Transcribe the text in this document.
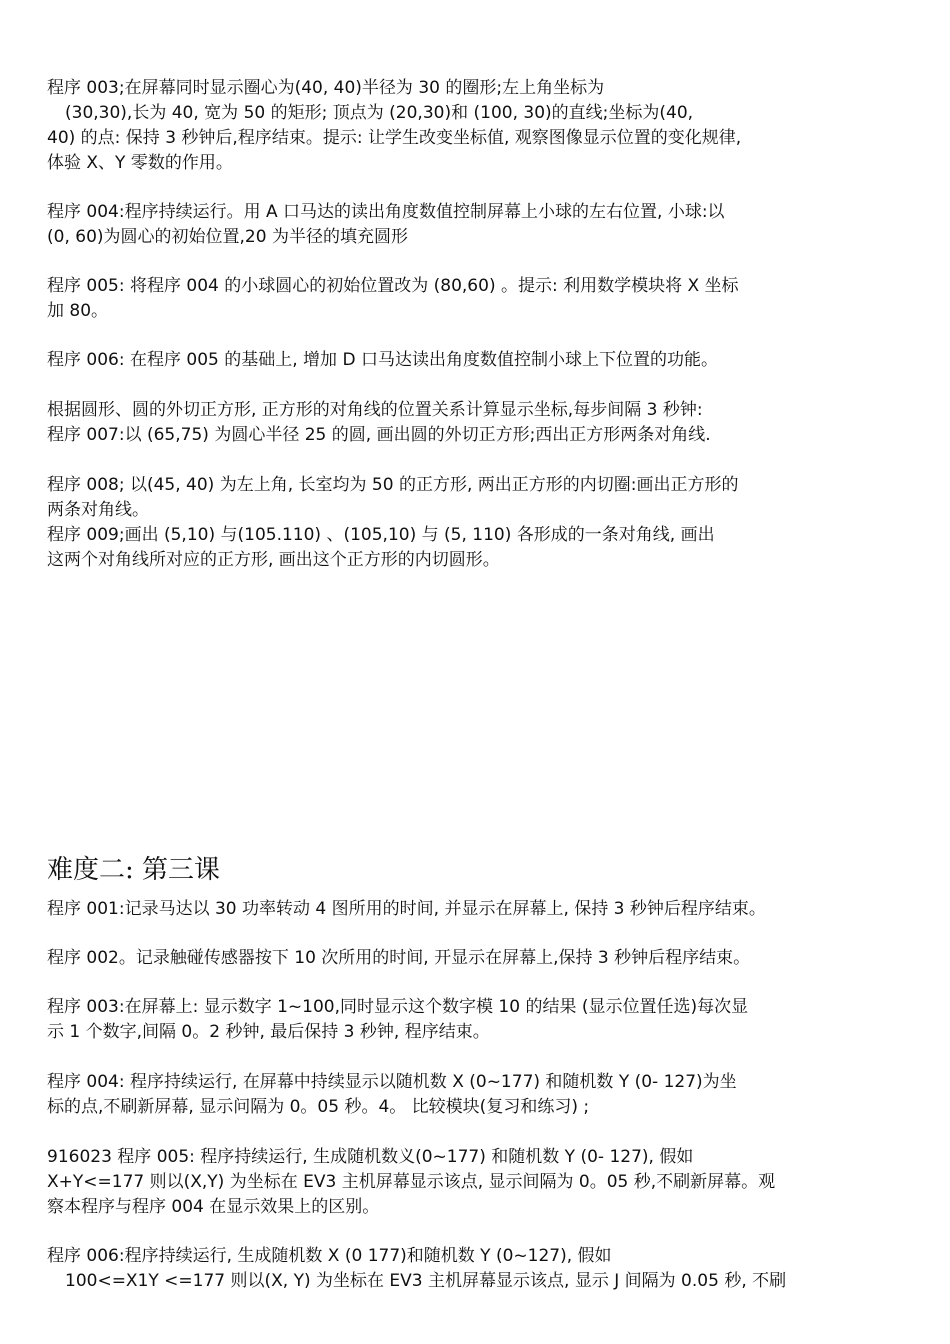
程序 003;在屏幕同时显示圈心为(40, 40)半径为 30 的圈形;左上角坐标为
(30,30),长为 40, 宽为 50 的矩形; 顶点为 (20,30)和 (100, 30)的直线;坐标为(40,
40) 的点: 保持 3 秒钟后,程序结束。提示: 让学生改变坐标值, 观察图像显示位置的变化规律,
体验 X、Y 零数的作用。
程序 004:程序持续运行。用 A 口马达的读出角度数值控制屏幕上小球的左右位置, 小球:以
(0, 60)为圆心的初始位置,20 为半径的填充圆形
程序 005: 将程序 004 的小球圆心的初始位置改为 (80,60) 。提示: 利用数学模块将 X 坐标
加 80。
程序 006: 在程序 005 的基础上, 增加 D 口马达读出角度数值控制小球上下位置的功能。
根据圆形、圆的外切正方形, 正方形的对角线的位置关系计算显示坐标,每步间隔 3 秒钟:
程序 007:以 (65,75) 为圆心半径 25 的圆, 画出圆的外切正方形;西出正方形两条对角线.
程序 008; 以(45, 40) 为左上角, 长室均为 50 的正方形, 两出正方形的内切圈:画出正方形的
两条对角线。
程序 009;画出 (5,10) 与(105.110) 、(105,10) 与 (5, 110) 各形成的一条对角线, 画出
这两个对角线所对应的正方形, 画出这个正方形的内切圆形。
难度二: 第三课
程序 001:记录马达以 30 功率转动 4 图所用的时间, 并显示在屏幕上, 保持 3 秒钟后程序结束。
程序 002。记录触碰传感器按下 10 次所用的时间, 开显示在屏幕上,保持 3 秒钟后程序结束。
程序 003:在屏幕上: 显示数字 1~100,同时显示这个数字模 10 的结果 (显示位置任选)每次显
示 1 个数字,间隔 0。2 秒钟, 最后保持 3 秒钟, 程序结束。
程序 004: 程序持续运行, 在屏幕中持续显示以随机数 X (0~177) 和随机数 Y (0- 127)为坐
标的点,不刷新屏幕, 显示问隔为 0。05 秒。4。 比较模块(复习和练习) ;
916023 程序 005: 程序持续运行, 生成随机数义(0~177) 和随机数 Y (0- 127), 假如
X+Y<=177 则以(X,Y) 为坐标在 EV3 主机屏幕显示该点, 显示间隔为 0。05 秒,不刷新屏幕。观
察本程序与程序 004 在显示效果上的区别。
程序 006:程序持续运行, 生成随机数 X (0 177)和随机数 Y (0~127), 假如
100<=X1Y <=177 则以(X, Y) 为坐标在 EV3 主机屏幕显示该点, 显示 J 间隔为 0.05 秒, 不刷
